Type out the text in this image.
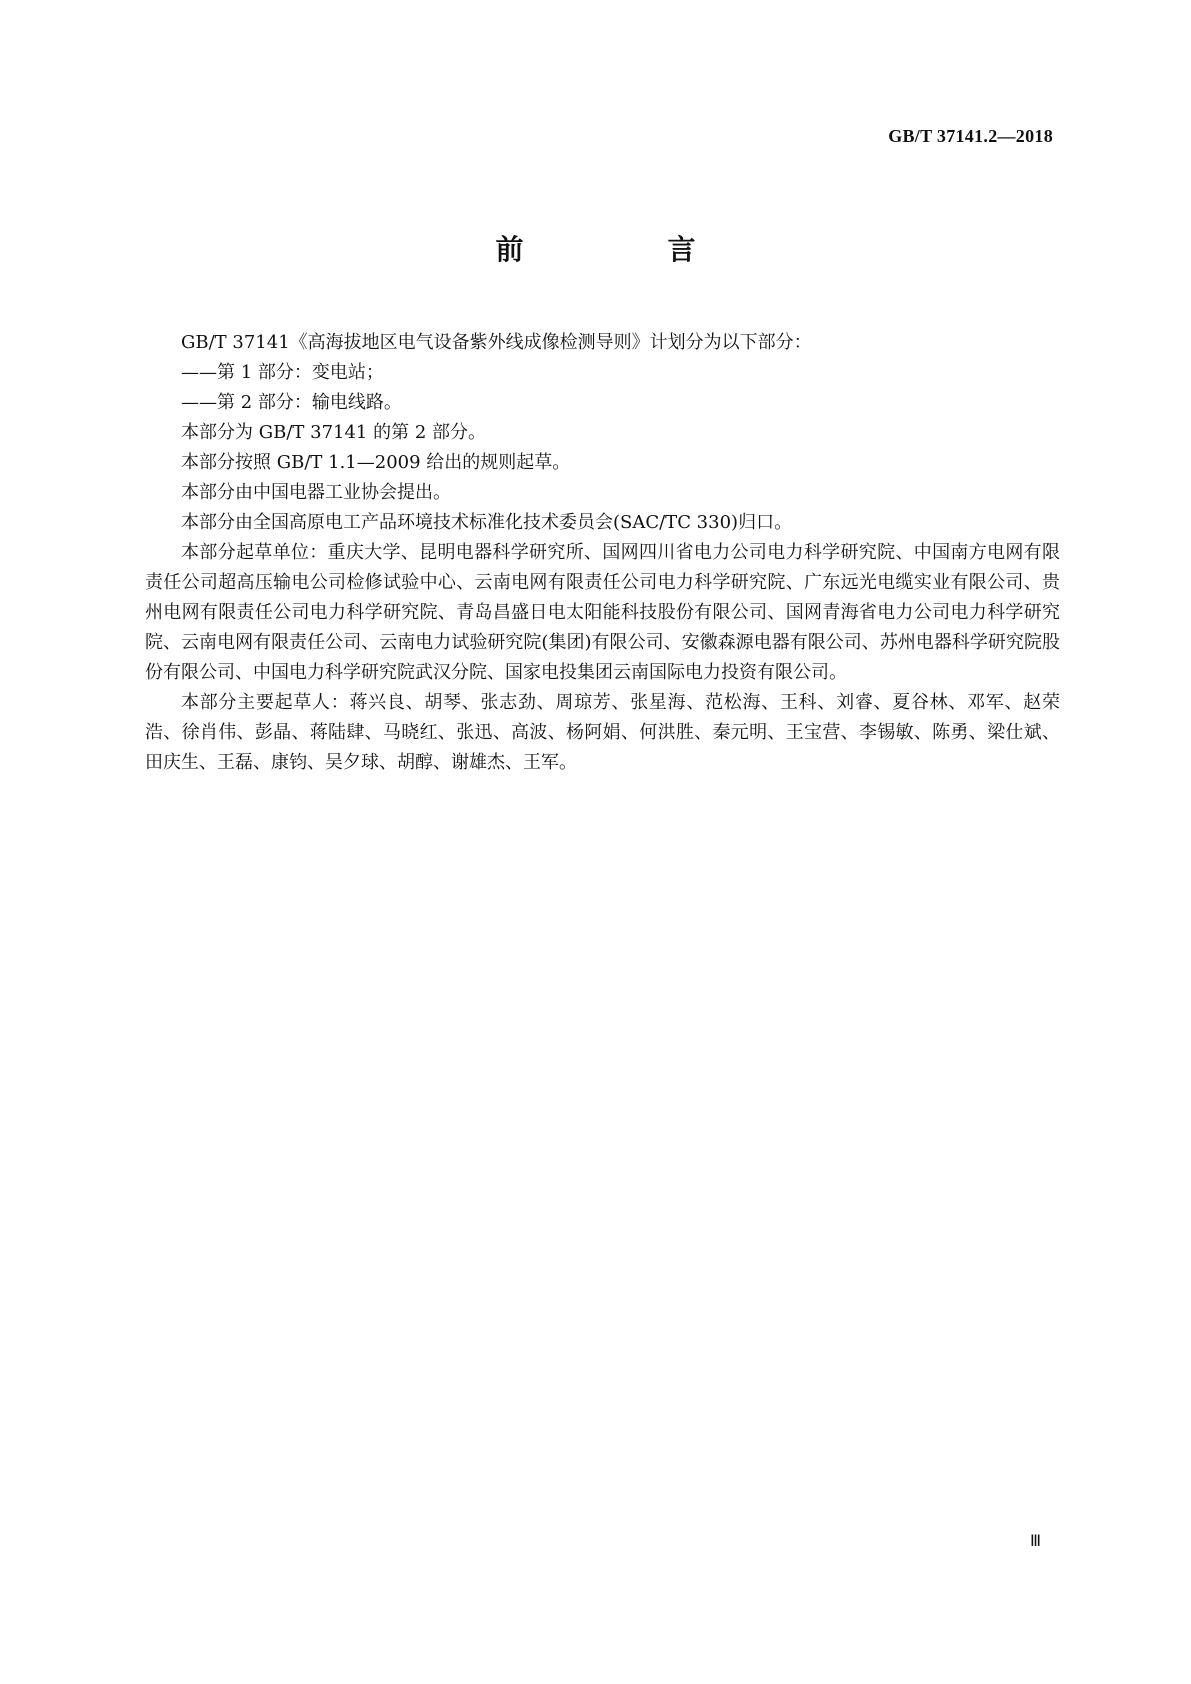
GB/T 37141.2—2018
前　言

GB/T 37141《高海拔地区电气设备紫外线成像检测导则》计划分为以下部分：

——第 1 部分：变电站；

——第 2 部分：输电线路。

本部分为 GB/T 37141 的第 2 部分。

本部分按照 GB/T 1.1—2009 给出的规则起草。

本部分由中国电器工业协会提出。

本部分由全国高原电工产品环境技术标准化技术委员会(SAC/TC 330)归口。

本部分起草单位：重庆大学、昆明电器科学研究所、国网四川省电力公司电力科学研究院、中国南方电网有限责任公司超高压输电公司检修试验中心、云南电网有限责任公司电力科学研究院、广东远光电缆实业有限公司、贵州电网有限责任公司电力科学研究院、青岛昌盛日电太阳能科技股份有限公司、国网青海省电力公司电力科学研究院、云南电网有限责任公司、云南电力试验研究院(集团)有限公司、安徽森源电器有限公司、苏州电器科学研究院股份有限公司、中国电力科学研究院武汉分院、国家电投集团云南国际电力投资有限公司。

本部分主要起草人：蒋兴良、胡琴、张志劲、周琼芳、张星海、范松海、王科、刘睿、夏谷林、邓军、赵荣浩、徐肖伟、彭晶、蒋陆肆、马晓红、张迅、高波、杨阿娟、何洪胜、秦元明、王宝营、李锡敏、陈勇、梁仕斌、田庆生、王磊、康钧、吴夕球、胡醇、谢雄杰、王军。

Ⅲ
